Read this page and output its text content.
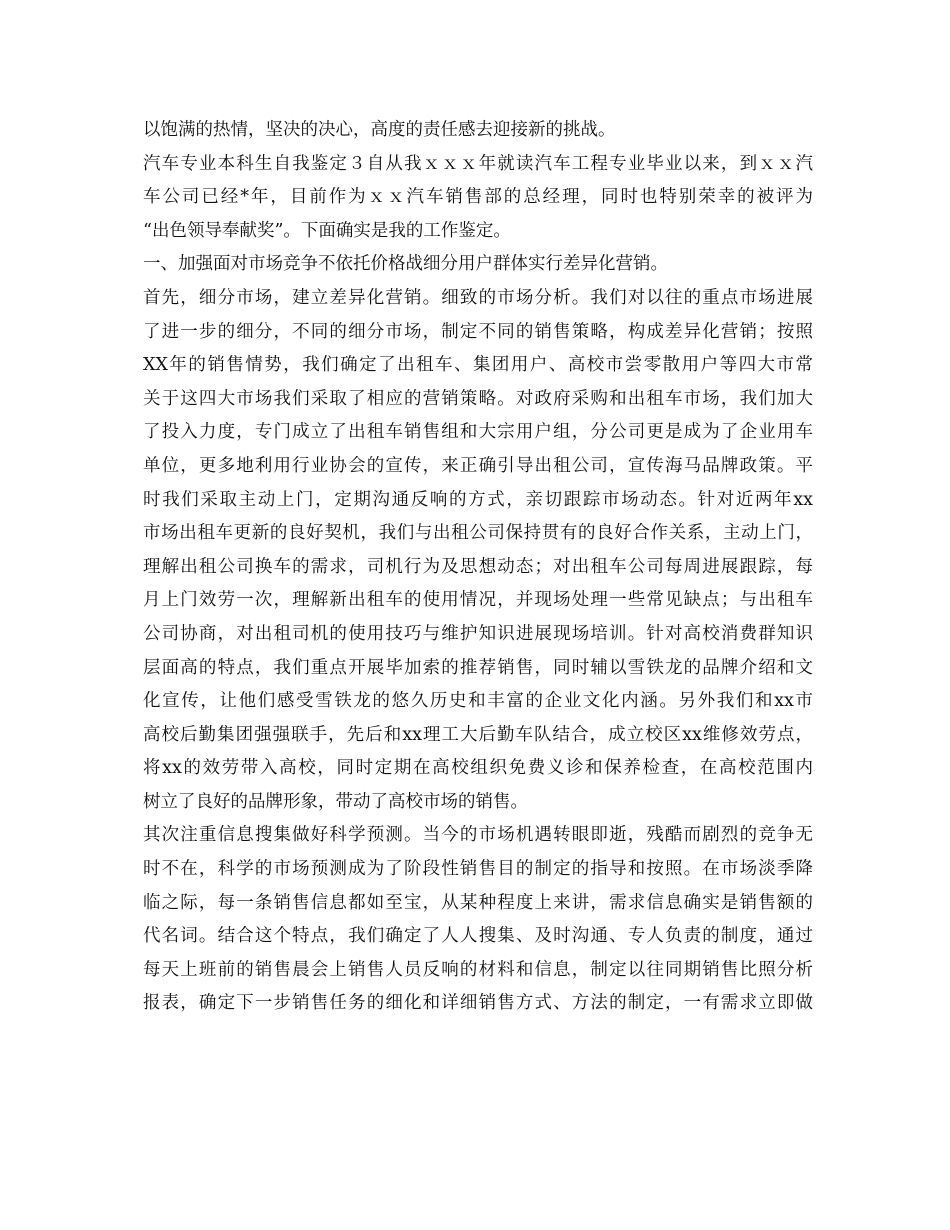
以饱满的热情，坚决的决心，高度的责任感去迎接新的挑战。
汽车专业本科生自我鉴定３自从我ｘｘｘ年就读汽车工程专业毕业以来，到ｘｘ汽
车公司已经*年，目前作为ｘｘ汽车销售部的总经理，同时也特别荣幸的被评为
“出色领导奉献奖”。下面确实是我的工作鉴定。
一、加强面对市场竞争不依托价格战细分用户群体实行差异化营销。
首先，细分市场，建立差异化营销。细致的市场分析。我们对以往的重点市场进展
了进一步的细分，不同的细分市场，制定不同的销售策略，构成差异化营销；按照
XX年的销售情势，我们确定了出租车、集团用户、高校市尝零散用户等四大市常
关于这四大市场我们采取了相应的营销策略。对政府采购和出租车市场，我们加大
了投入力度，专门成立了出租车销售组和大宗用户组，分公司更是成为了企业用车
单位，更多地利用行业协会的宣传，来正确引导出租公司，宣传海马品牌政策。平
时我们采取主动上门，定期沟通反响的方式，亲切跟踪市场动态。针对近两年xx
市场出租车更新的良好契机，我们与出租公司保持贯有的良好合作关系，主动上门，
理解出租公司换车的需求，司机行为及思想动态；对出租车公司每周进展跟踪，每
月上门效劳一次，理解新出租车的使用情况，并现场处理一些常见缺点；与出租车
公司协商，对出租司机的使用技巧与维护知识进展现场培训。针对高校消费群知识
层面高的特点，我们重点开展毕加索的推荐销售，同时辅以雪铁龙的品牌介绍和文
化宣传，让他们感受雪铁龙的悠久历史和丰富的企业文化内涵。另外我们和xx市
高校后勤集团强强联手，先后和xx理工大后勤车队结合，成立校区xx维修效劳点，
将xx的效劳带入高校，同时定期在高校组织免费义诊和保养检查，在高校范围内
树立了良好的品牌形象，带动了高校市场的销售。
其次注重信息搜集做好科学预测。当今的市场机遇转眼即逝，残酷而剧烈的竞争无
时不在，科学的市场预测成为了阶段性销售目的制定的指导和按照。在市场淡季降
临之际，每一条销售信息都如至宝，从某种程度上来讲，需求信息确实是销售额的
代名词。结合这个特点，我们确定了人人搜集、及时沟通、专人负责的制度，通过
每天上班前的销售晨会上销售人员反响的材料和信息，制定以往同期销售比照分析
报表，确定下一步销售任务的细化和详细销售方式、方法的制定，一有需求立即做
